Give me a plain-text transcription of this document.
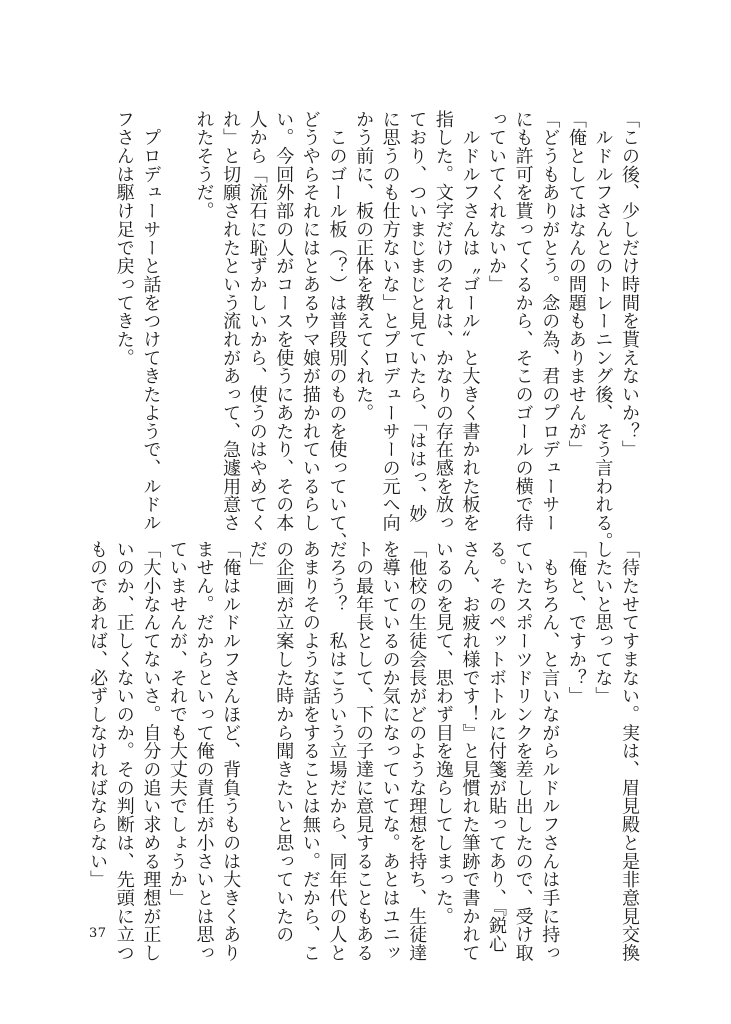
「この後、少しだけ時間を貰えないか？」
　ルドルフさんとのトレーニング後、そう言われる。
「俺としてはなんの問題もありませんが」
「どうもありがとう。念の為、君のプロデューサー
にも許可を貰ってくるから、そこのゴールの横で待
っていてくれないか」
　ルドルフさんは〝ゴール〟と大きく書かれた板を
指した。文字だけのそれは、かなりの存在感を放っ
ており、ついまじまじと見ていたら、「ははっ、妙
に思うのも仕方ないな」とプロデューサーの元へ向
かう前に、板の正体を教えてくれた。
　このゴール板（？）は普段別のものを使っていて、
どうやらそれにはとあるウマ娘が描かれているらし
い。今回外部の人がコースを使うにあたり、その本
人から「流石に恥ずかしいから、使うのはやめてく
れ」と切願されたという流れがあって、急遽用意さ
れたそうだ。

　プロデューサーと話をつけてきたようで、ルドル
フさんは駆け足で戻ってきた。
「待たせてすまない。実は、眉見殿と是非意見交換
したいと思ってな」
「俺と、ですか？」
　もちろん、と言いながらルドルフさんは手に持っ
ていたスポーツドリンクを差し出したので、受け取
る。そのペットボトルに付箋が貼ってあり、『鋭心
さん、お疲れ様です！』と見慣れた筆跡で書かれて
いるのを見て、思わず目を逸らしてしまった。
「他校の生徒会長がどのような理想を持ち、生徒達
を導いているのか気になっていてな。あとはユニッ
トの最年長として、下の子達に意見することもある
だろう？　私はこういう立場だから、同年代の人と
あまりそのような話をすることは無い。だから、こ
の企画が立案した時から聞きたいと思っていたの
だ」
「俺はルドルフさんほど、背負うものは大きくあり
ません。だからといって俺の責任が小さいとは思っ
ていませんが、それでも大丈夫でしょうか」
「大小なんてないさ。自分の追い求める理想が正し
いのか、正しくないのか。その判断は、先頭に立つ
ものであれば、必ずしなければならない」
37
